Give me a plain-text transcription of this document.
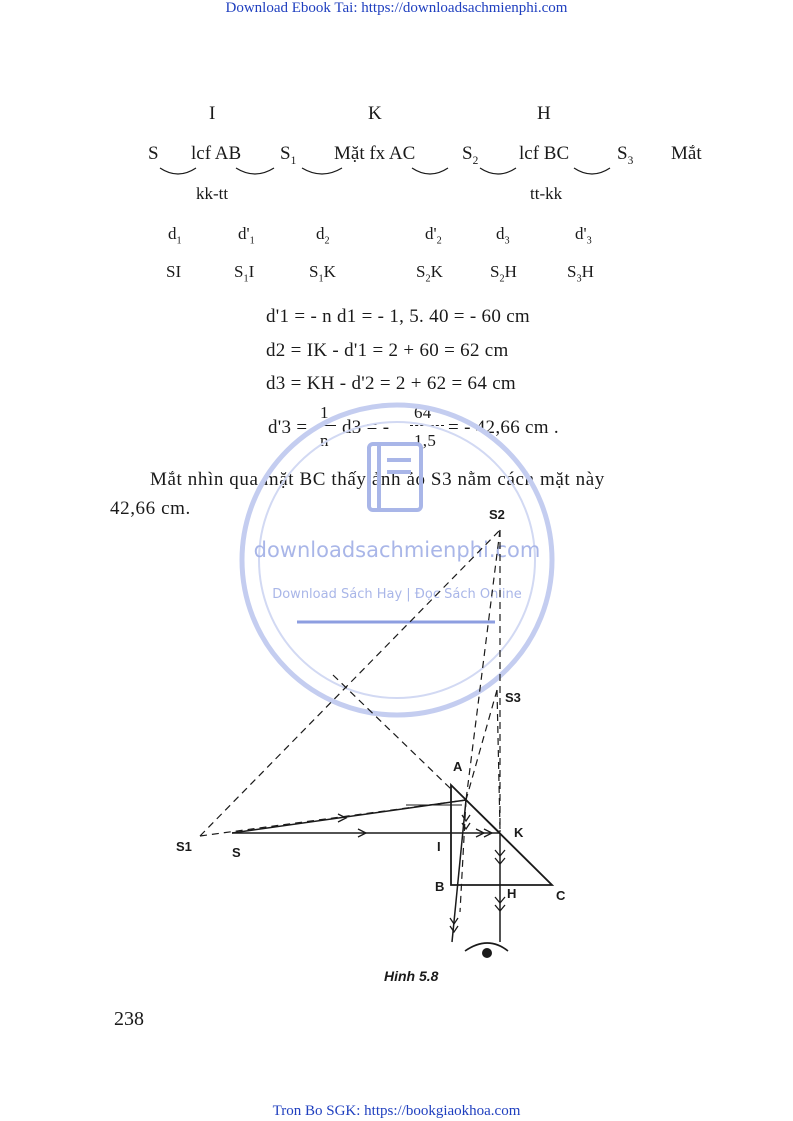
Download Ebook Tai: https://downloadsachmienphi.com
I	K	H
S lcf AB $S_1$ Mặt fx AC $S_2$ lcf BC	$S_3$ Mắt
kk-tt	tt-kk
$d_1$	$d'_1$	$d_2$	$d'_2$	$d_3$	$d'_3$
SI	$S_1I$	$S_1K$	$S_2K$	$S_2H$	$S_3H$
d'1 = - n d1 = - 1, 5. 40 = - 60 cm
d2 = IK - d'1 = 2 + 60 = 62 cm
d3 = KH - d'2 = 2 + 62 = 64 cm
d'3 =
1
n
d3 = -
64
1,5
= - 42,66 cm .
Mắt nhìn qua mặt BC thấy ảnh ảo S3 nằm cách mặt này
42,66 cm.
downloadsachmienphi.com
Download Sách Hay | Đọc Sách Online
S2
S3
A
K
S1	S	I
B	H	C
Hinh 5.8
238
Tron Bo SGK: https://bookgiaokhoa.com
